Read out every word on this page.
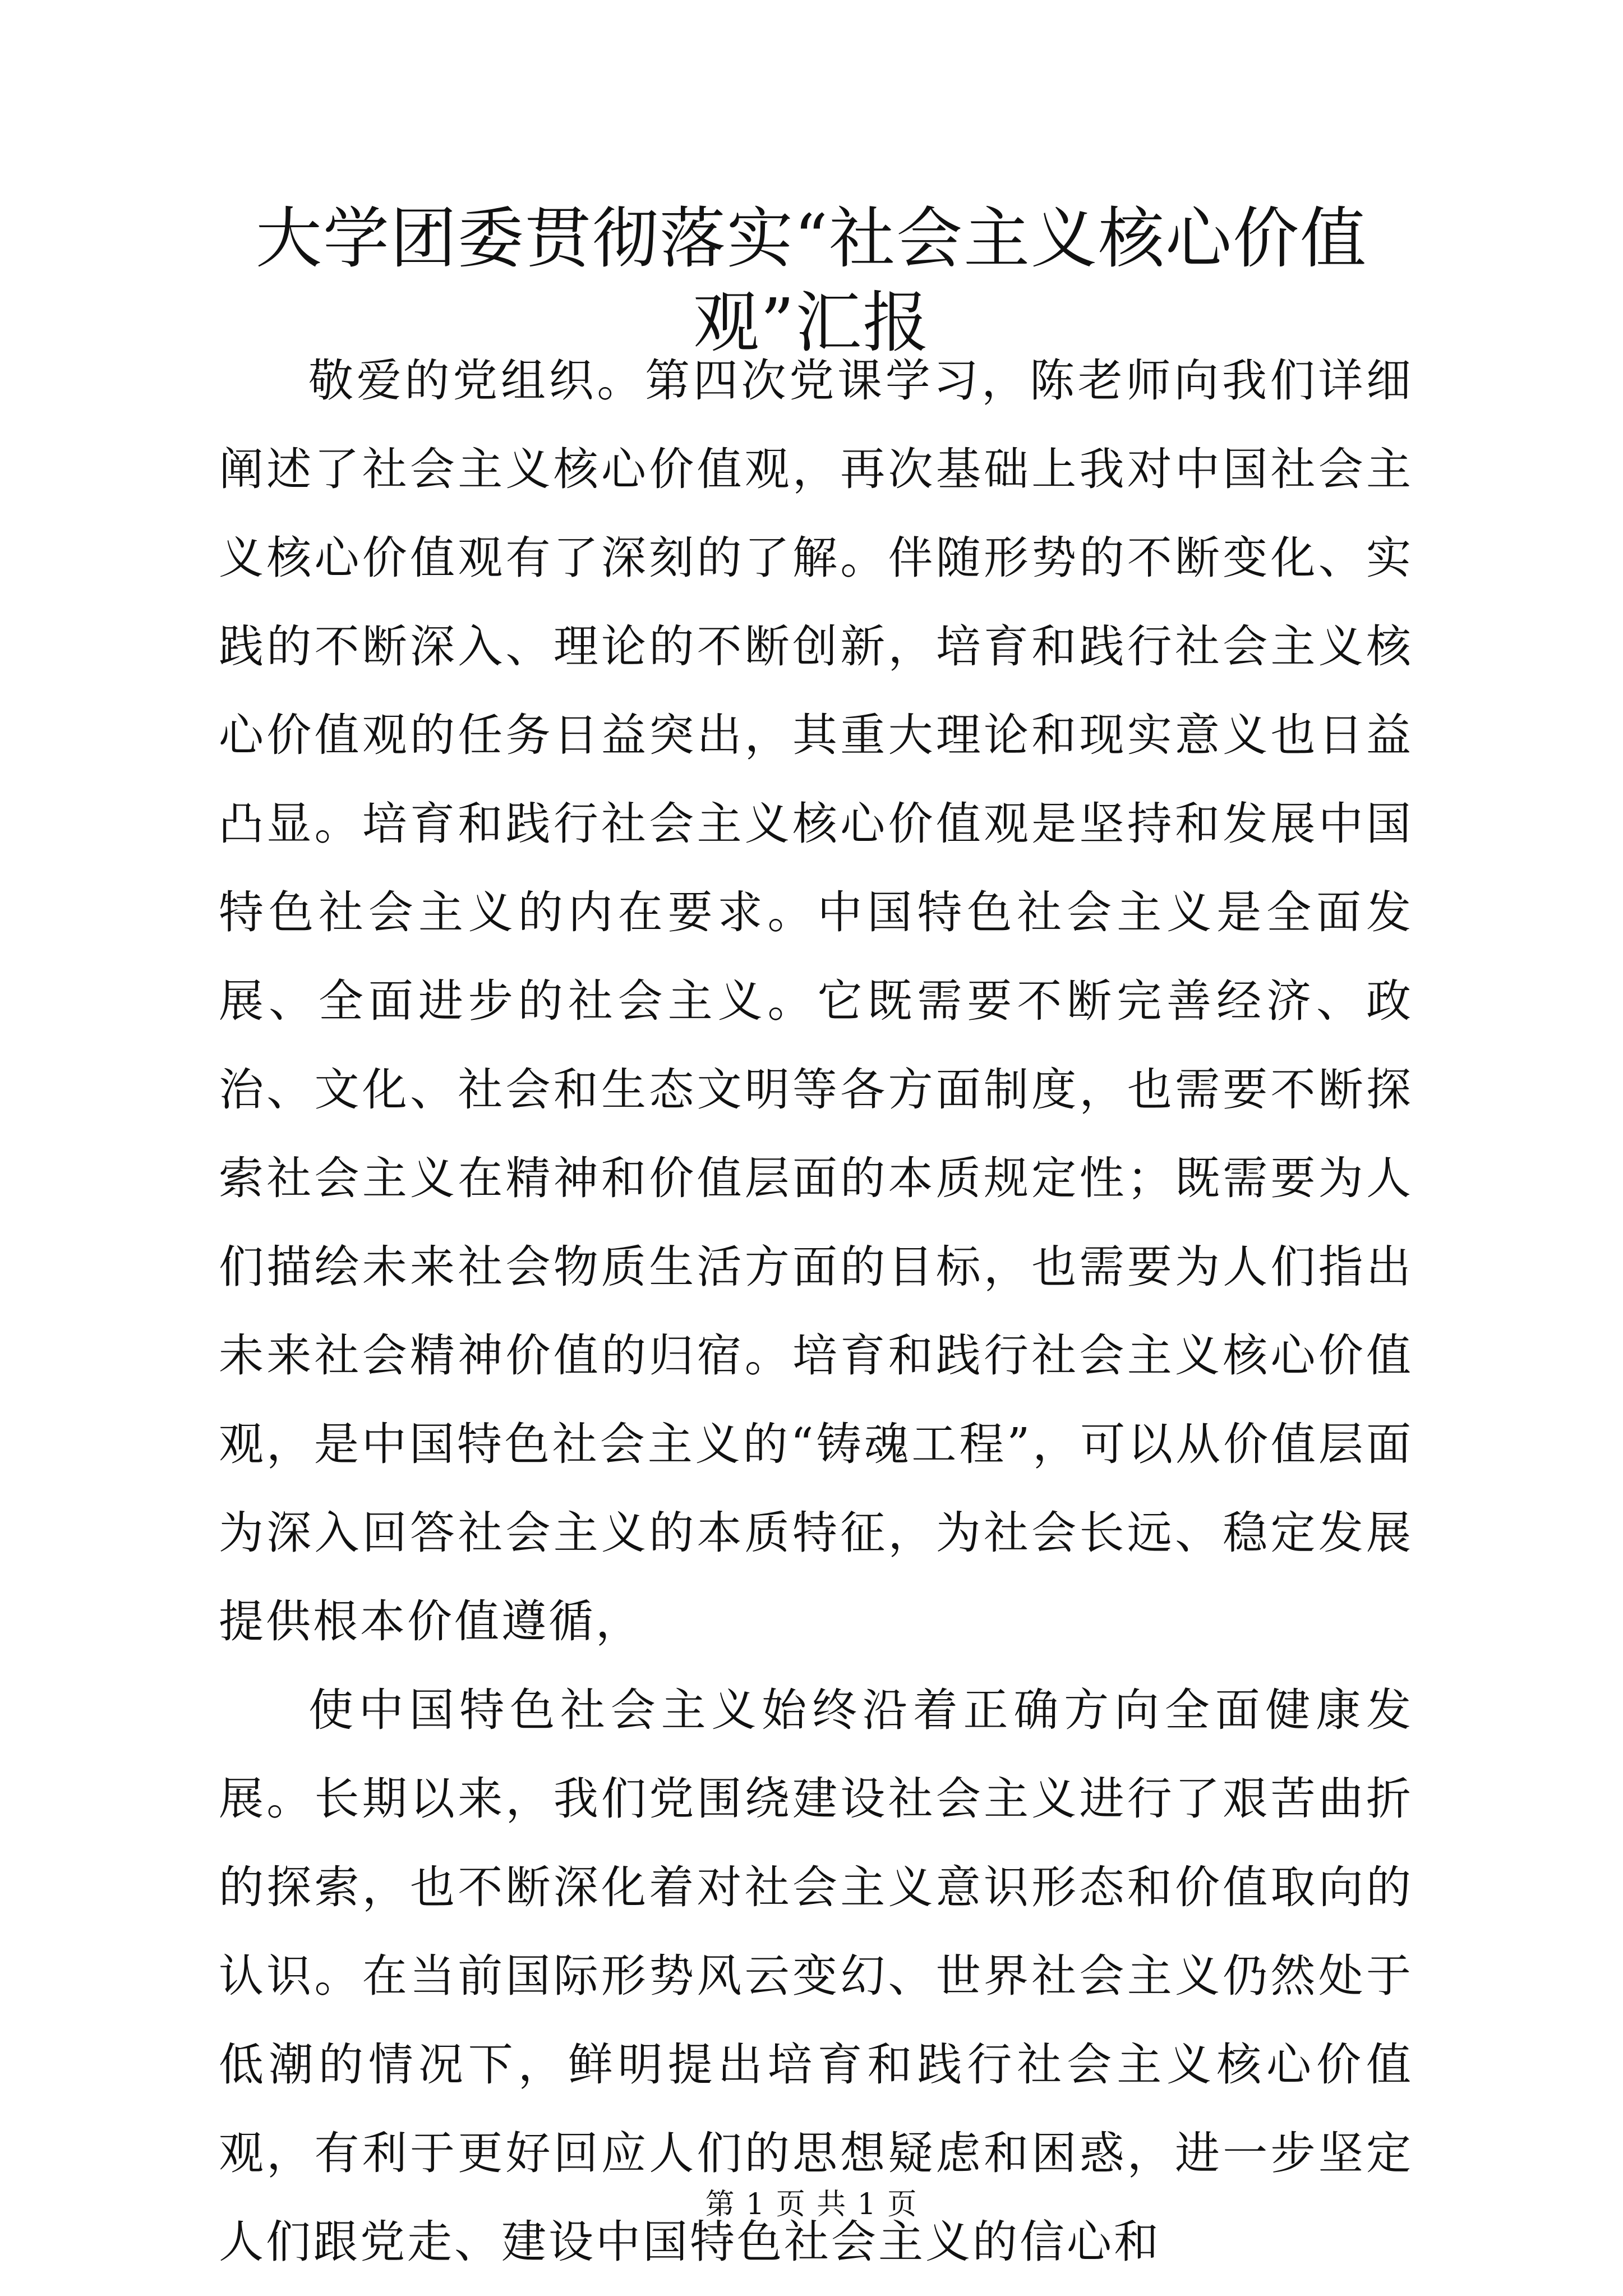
大学团委贯彻落实“社会主义核心价值观”汇报

敬爱的党组织。第四次党课学习，陈老师向我们详细阐述了社会主义核心价值观，再次基础上我对中国社会主义核心价值观有了深刻的了解。伴随形势的不断变化、实践的不断深入、理论的不断创新，培育和践行社会主义核心价值观的任务日益突出，其重大理论和现实意义也日益凸显。培育和践行社会主义核心价值观是坚持和发展中国特色社会主义的内在要求。中国特色社会主义是全面发展、全面进步的社会主义。它既需要不断完善经济、政治、文化、社会和生态文明等各方面制度，也需要不断探索社会主义在精神和价值层面的本质规定性；既需要为人们描绘未来社会物质生活方面的目标，也需要为人们指出未来社会精神价值的归宿。培育和践行社会主义核心价值观，是中国特色社会主义的“铸魂工程”，可以从价值层面为深入回答社会主义的本质特征，为社会长远、稳定发展提供根本价值遵循，

使中国特色社会主义始终沿着正确方向全面健康发展。长期以来，我们党围绕建设社会主义进行了艰苦曲折的探索，也不断深化着对社会主义意识形态和价值取向的认识。在当前国际形势风云变幻、世界社会主义仍然处于低潮的情况下，鲜明提出培育和践行社会主义核心价值观，有利于更好回应人们的思想疑虑和困惑，进一步坚定人们跟党走、建设中国特色社会主义的信心和

第 1 页 共 1 页
